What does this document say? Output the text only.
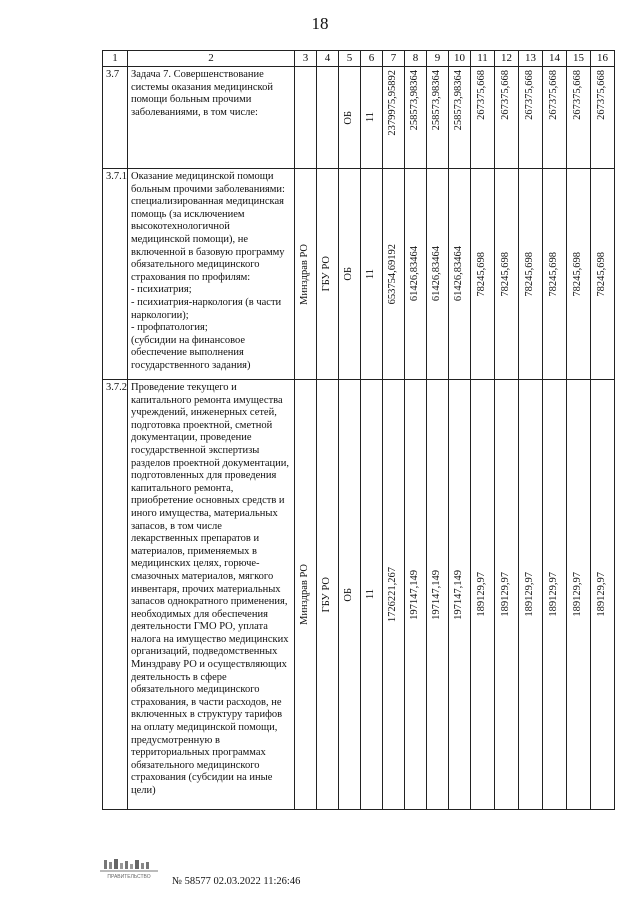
18
1	2	3	4	5	6	7	8	9	10	11	12	13	14	15	16
3.7	Задача 7. Совершенствование системы оказания медицинской помощи больным прочими заболеваниями, в том числе:			ОБ	11	2379975,95892	258573,98364	258573,98364	258573,98364	267375,668	267375,668	267375,668	267375,668	267375,668	267375,668

3.7.1	Оказание медицинской помощи больным прочими заболеваниями: специализированная медицинская помощь (за исключением высокотехнологичной медицинской помощи), не включенной в базовую программу обязательного медицинского страхования по профилям:
- психиатрия;
- психиатрия-наркология (в части наркологии);
- профпатология;
(субсидии на финансовое обеспечение выполнения государственного задания)	Минздрав РО	ГБУ РО	ОБ	11	653754,69192	61426,83464	61426,83464	61426,83464	78245,698	78245,698	78245,698	78245,698	78245,698	78245,698

3.7.2	Проведение текущего и капитального ремонта имущества учреждений, инженерных сетей, подготовка проектной, сметной документации, проведение государственной экспертизы разделов проектной документации, подготовленных для проведения капитального ремонта, приобретение основных средств и иного имущества, материальных запасов, в том числе лекарственных препаратов и материалов, применяемых в медицинских целях, горюче-смазочных материалов, мягкого инвентаря, прочих материальных запасов однократного применения, необходимых для обеспечения деятельности ГМО РО, уплата налога на имущество медицинских организаций, подведомственных Минздраву РО и осуществляющих деятельность в сфере обязательного медицинского страхования, в части расходов, не включенных в структуру тарифов на оплату медицинской помощи, предусмотренную в территориальных программах обязательного медицинского страхования (субсидии на иные цели)	Минздрав РО	ГБУ РО	ОБ	11	1726221,267	197147,149	197147,149	197147,149	189129,97	189129,97	189129,97	189129,97	189129,97	189129,97
ПРАВИТЕЛЬСТВО № 58577 02.03.2022 11:26:46
